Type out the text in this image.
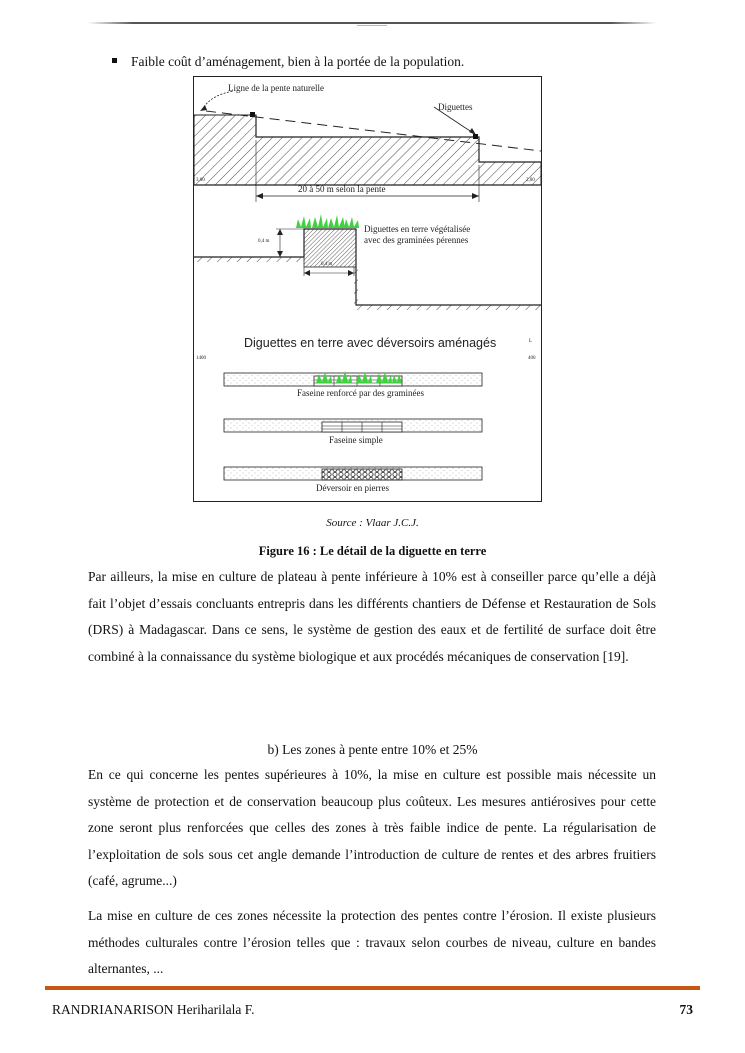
Faible coût d’aménagement, bien à la portée de la population.
Ligne de la pente naturelle
Diguettes
20 à 50 m selon la pente
Diguettes en terre végétalisée
avec des graminées pérennes
0,4 m
0,4 m
Diguettes en terre avec déversoirs aménagés
Faseine renforcé par des graminées
Faseine simple
Déversoir en pierres
3,00	2,00
1400	400
L
Source : Vlaar J.C.J.
Figure 16 : Le détail de la diguette en terre

Par ailleurs, la mise en culture de plateau à pente inférieure à 10% est à conseiller parce qu’elle a déjà fait l’objet d’essais concluants entrepris dans les différents chantiers de Défense et Restauration de Sols (DRS) à Madagascar. Dans ce sens, le système de gestion des eaux et de fertilité de surface doit être combiné à la connaissance du système biologique et aux procédés mécaniques de conservation [19].

b) Les zones à pente entre 10% et 25%

En ce qui concerne les pentes supérieures à 10%, la mise en culture est possible mais nécessite un système de protection et de conservation beaucoup plus coûteux. Les mesures antiérosives pour cette zone seront plus renforcées que celles des zones à très faible indice de pente. La régularisation de l’exploitation de sols sous cet angle demande l’introduction de culture de rentes et des arbres fruitiers (café, agrume...)

La mise en culture de ces zones nécessite la protection des pentes contre l’érosion. Il existe plusieurs méthodes culturales contre l’érosion telles que : travaux selon courbes de niveau, culture en bandes alternantes, ...

RANDRIANARISON Heriharilala F.	73
